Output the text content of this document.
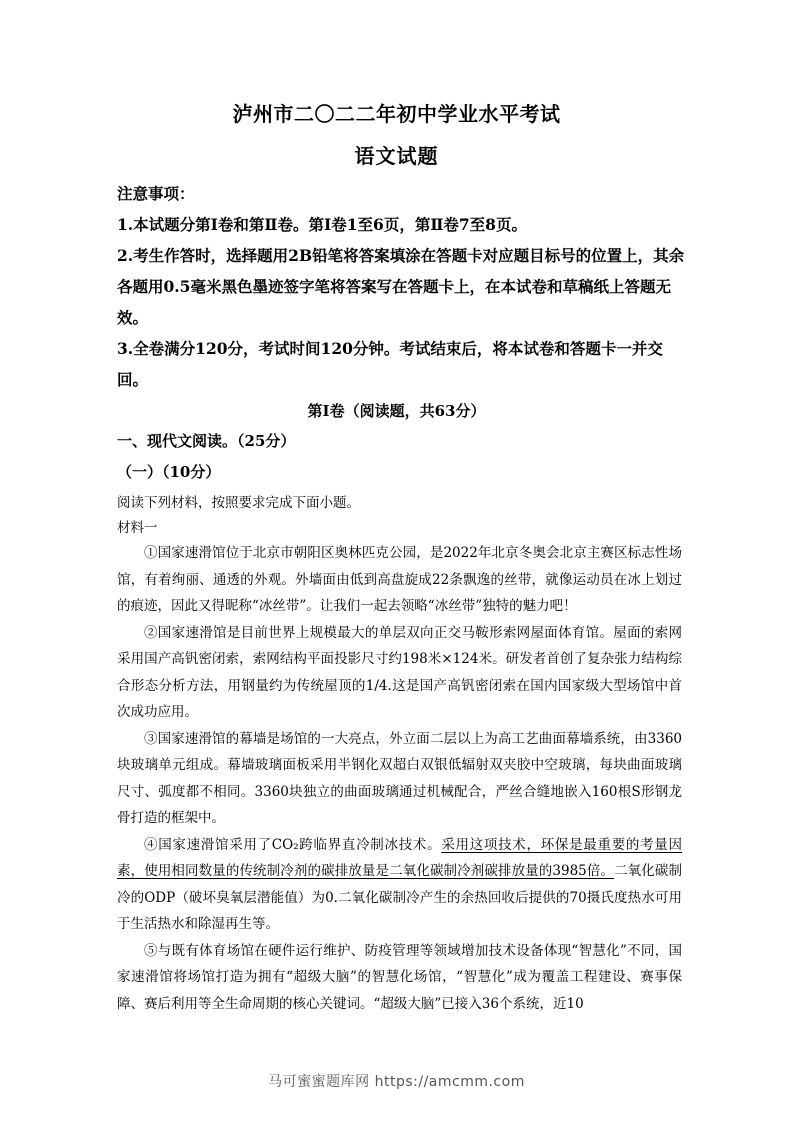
泸州市二〇二二年初中学业水平考试
语文试题

注意事项：

1.本试题分第Ⅰ卷和第Ⅱ卷。第Ⅰ卷1至6页，第Ⅱ卷7至8页。

2.考生作答时，选择题用2B铅笔将答案填涂在答题卡对应题目标号的位置上，其余各题用0.5毫米黑色墨迹签字笔将答案写在答题卡上，在本试卷和草稿纸上答题无效。

3.全卷满分120分，考试时间120分钟。考试结束后，将本试卷和答题卡一并交回。

第Ⅰ卷（阅读题，共63分）
一、现代文阅读。（25分）
（一）（10分）
阅读下列材料，按照要求完成下面小题。
材料一

①国家速滑馆位于北京市朝阳区奥林匹克公园，是2022年北京冬奥会北京主赛区标志性场馆，有着绚丽、通透的外观。外墙面由低到高盘旋成22条飘逸的丝带，就像运动员在冰上划过的痕迹，因此又得昵称“冰丝带”。让我们一起去领略“冰丝带”独特的魅力吧！

②国家速滑馆是目前世界上规模最大的单层双向正交马鞍形索网屋面体育馆。屋面的索网采用国产高钒密闭索，索网结构平面投影尺寸约198米×124米。研发者首创了复杂张力结构综合形态分析方法，用钢量约为传统屋顶的1/4.这是国产高钒密闭索在国内国家级大型场馆中首次成功应用。

③国家速滑馆的幕墙是场馆的一大亮点，外立面二层以上为高工艺曲面幕墙系统，由3360块玻璃单元组成。幕墙玻璃面板采用半钢化双超白双银低辐射双夹胶中空玻璃，每块曲面玻璃尺寸、弧度都不相同。3360块独立的曲面玻璃通过机械配合，严丝合缝地嵌入160根S形钢龙骨打造的框架中。

④国家速滑馆采用了CO₂跨临界直冷制冰技术。采用这项技术，环保是最重要的考量因素，使用相同数量的传统制冷剂的碳排放量是二氧化碳制冷剂碳排放量的3985倍。二氧化碳制冷的ODP（破坏臭氧层潜能值）为0.二氧化碳制冷产生的余热回收后提供的70摄氏度热水可用于生活热水和除湿再生等。

⑤与既有体育场馆在硬件运行维护、防疫管理等领域增加技术设备体现“智慧化”不同，国家速滑馆将场馆打造为拥有“超级大脑”的智慧化场馆，“智慧化”成为覆盖工程建设、赛事保障、赛后利用等全生命周期的核心关键词。“超级大脑”已接入36个系统，近10

马可蜜蜜题库网 https://amcmm.com
